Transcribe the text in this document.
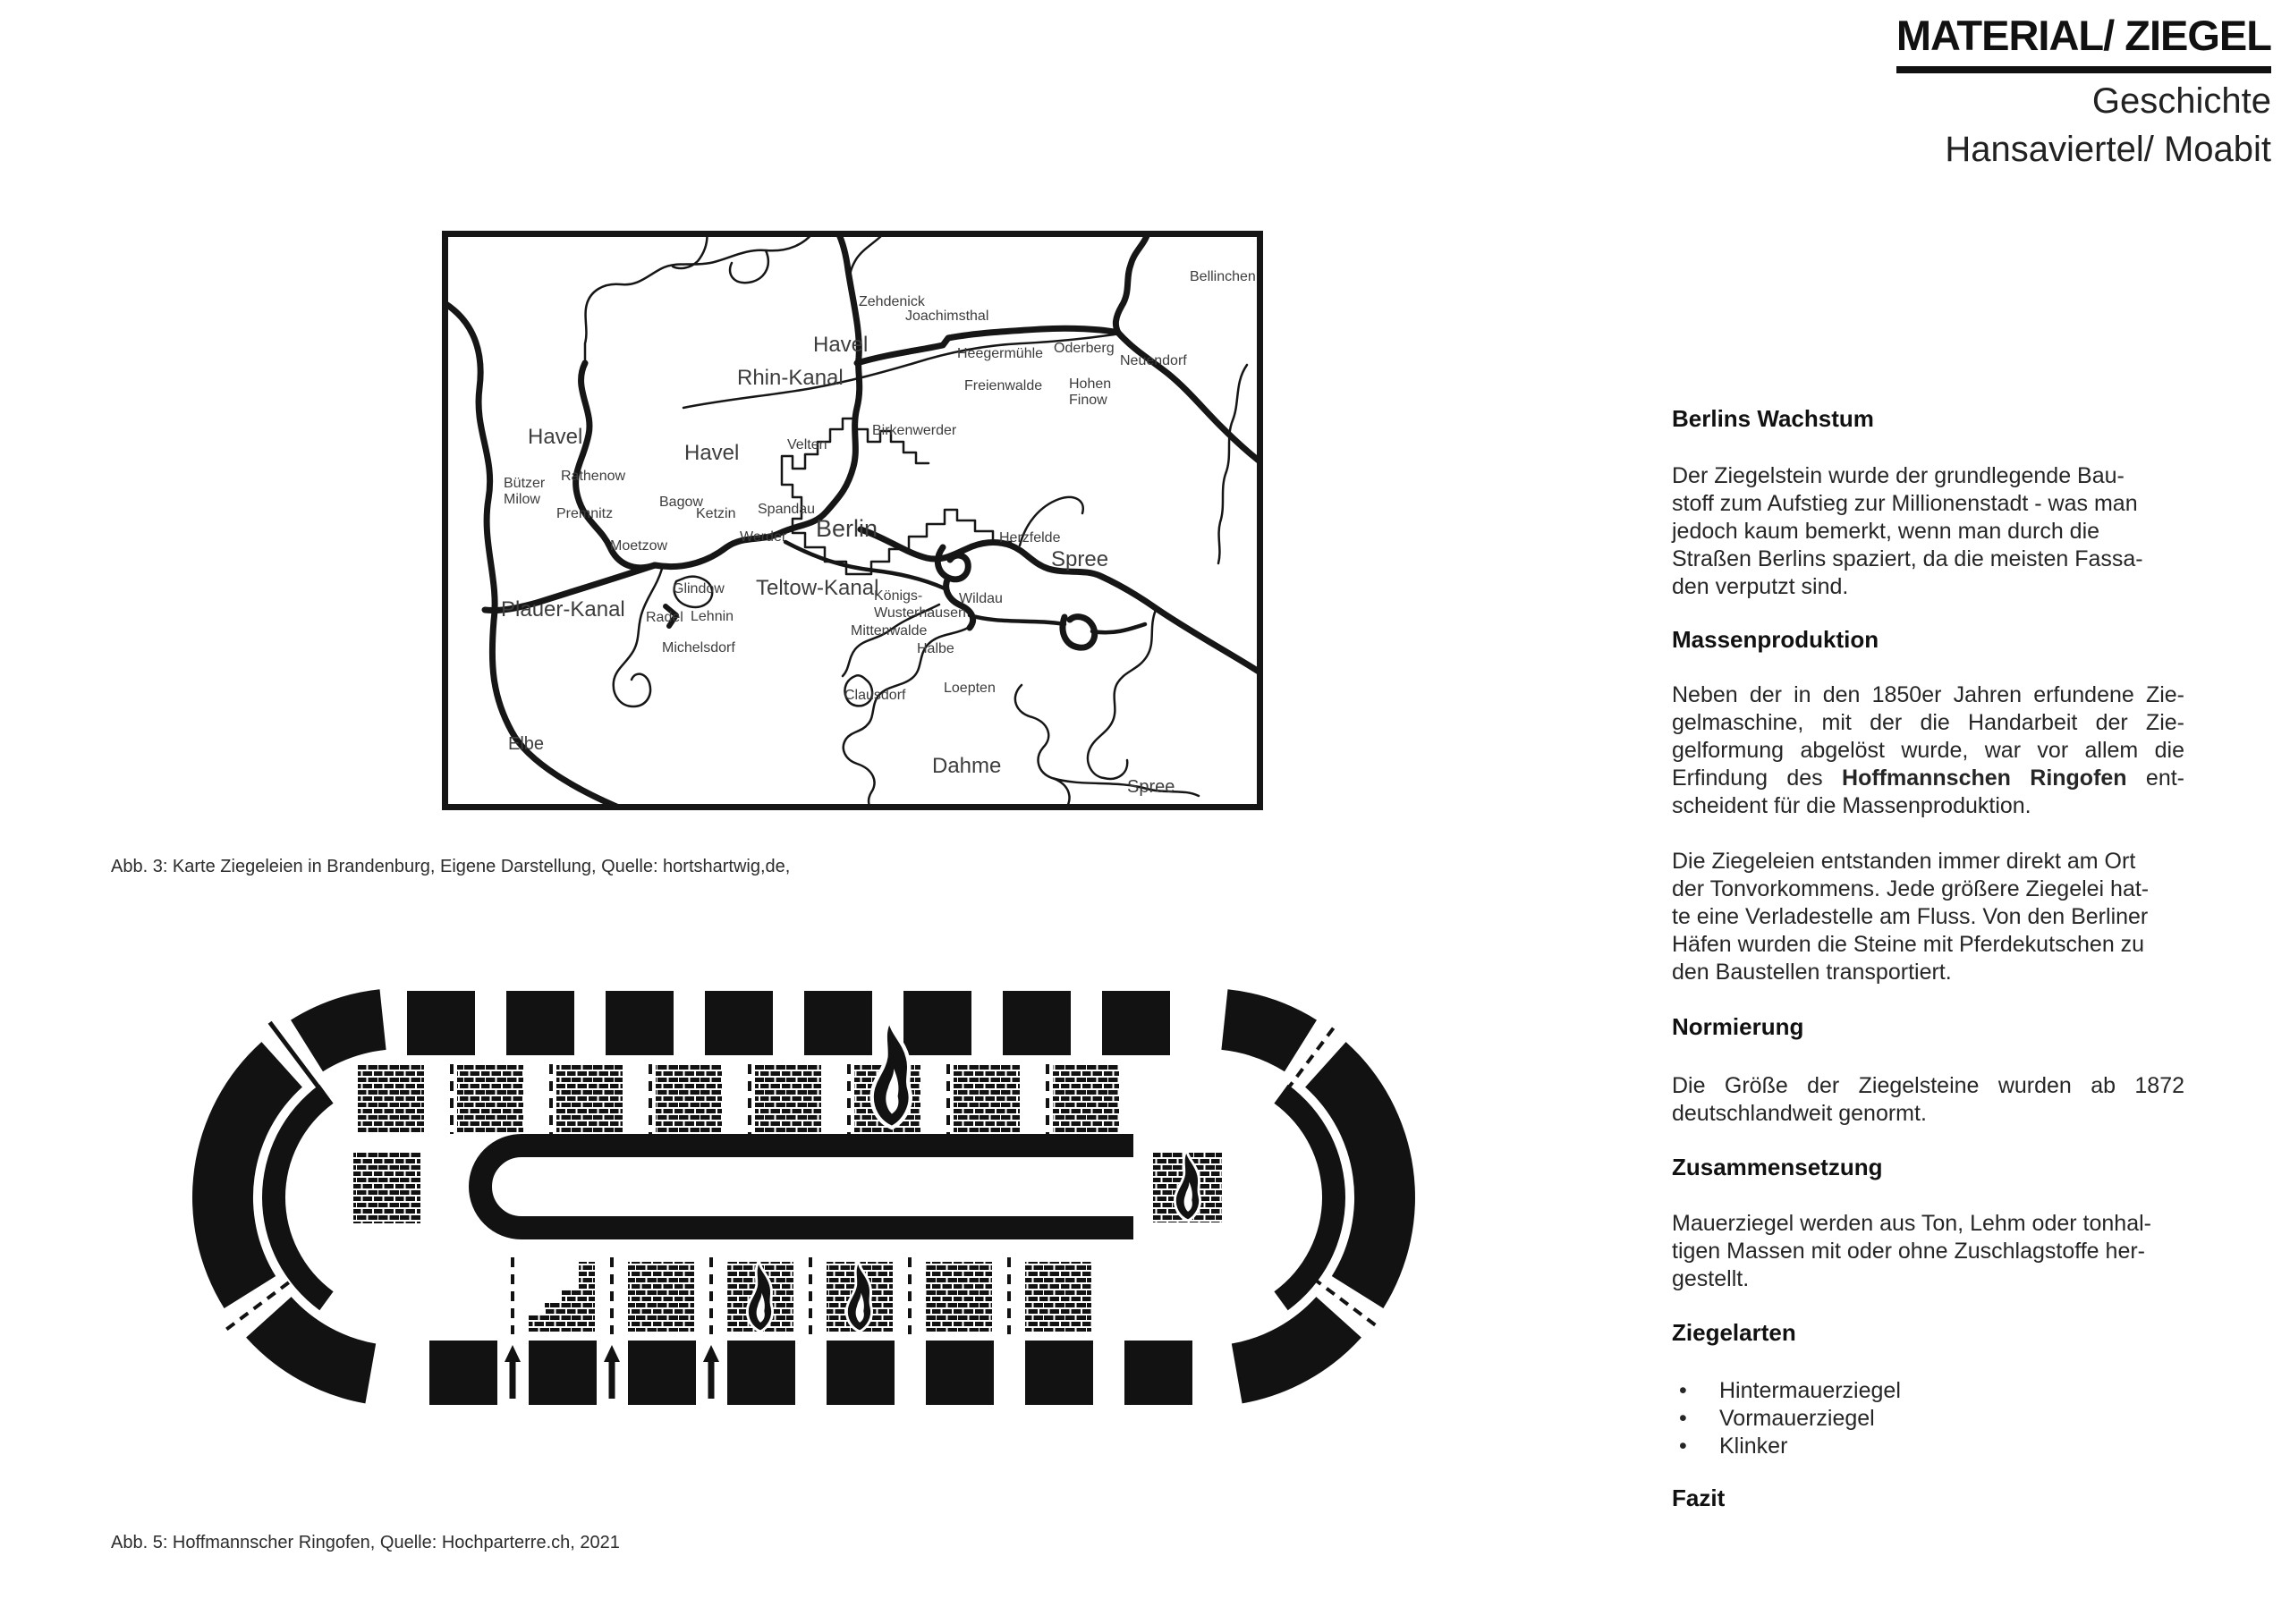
MATERIAL/ ZIEGEL
Geschichte
Hansaviertel/ Moabit
Zehdenick
Joachimsthal
Havel
Rhin-Kanal
Heegermühle Oderberg
Neuendorf
Bellinchen
Freienwalde Hohen
Finow
Velten
Birkenwerder
Havel
Havel
Rathenow
Bützer
Milow
Premnitz
Bagow
Ketzin Spandau
Werder Berlin
Moetzow
Glindow Teltow-Kanal
Plauer-Kanal Radel Lehnin
Michelsdorf
Königs-
Wusterhausen
Wildau
Mittenwalde
Halbe
Clausdorf	Loepten
Herzfelde
Spree
Elbe
Dahme
Spree
Abb. 3: Karte Ziegeleien in Brandenburg, Eigene Darstellung, Quelle: hortshartwig,de,
Abb. 5: Hoffmannscher Ringofen, Quelle: Hochparterre.ch, 2021
Berlins Wachstum
Der Ziegelstein wurde der grundlegende Bau-
stoff zum Aufstieg zur Millionenstadt - was man
jedoch kaum bemerkt, wenn man durch die
Straßen Berlins spaziert, da die meisten Fassa-
den verputzt sind.
Massenproduktion
Neben der in den 1850er Jahren erfundene Zie-
gelmaschine, mit der die Handarbeit der Zie-
gelformung abgelöst wurde, war vor allem die
Erfindung des Hoffmannschen Ringofen ent-
scheident für die Massenproduktion.
Die Ziegeleien entstanden immer direkt am Ort
der Tonvorkommens. Jede größere Ziegelei hat-
te eine Verladestelle am Fluss. Von den Berliner
Häfen wurden die Steine mit Pferdekutschen zu
den Baustellen transportiert.
Normierung
Die Größe der Ziegelsteine wurden ab 1872
deutschlandweit genormt.
Zusammensetzung
Mauerziegel werden aus Ton, Lehm oder tonhal-
tigen Massen mit oder ohne Zuschlagstoffe her-
gestellt.
Ziegelarten
•	Hintermauerziegel
•	Vormauerziegel
•	Klinker
Fazit
